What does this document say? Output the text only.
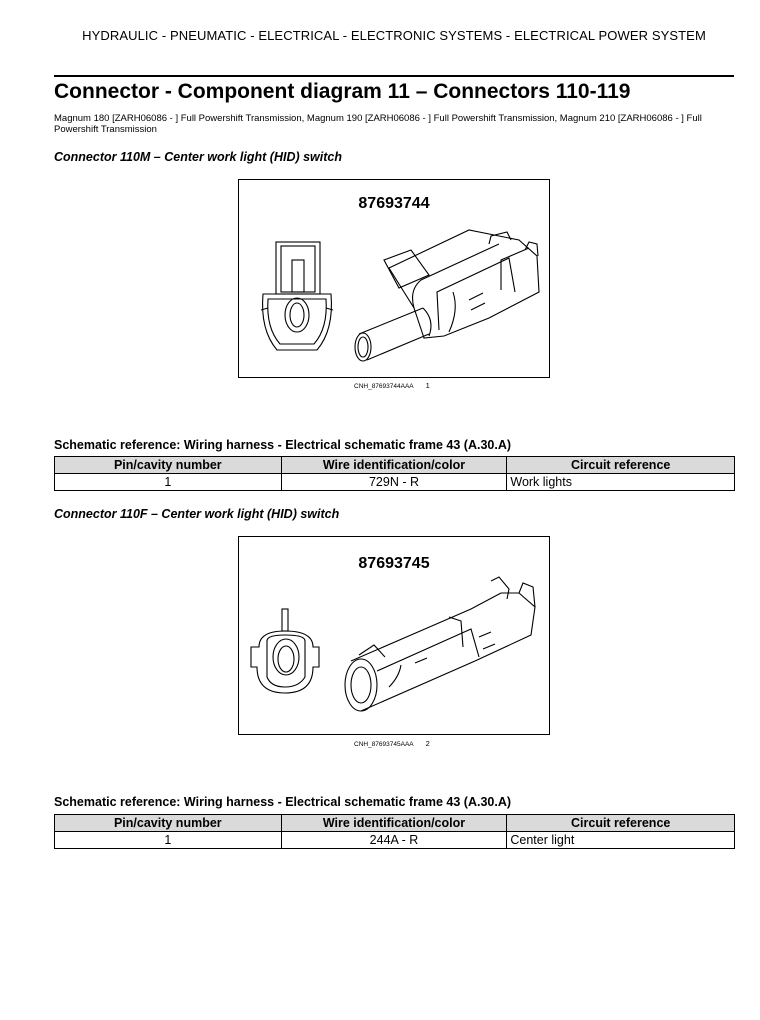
HYDRAULIC - PNEUMATIC - ELECTRICAL - ELECTRONIC SYSTEMS - ELECTRICAL POWER SYSTEM
Connector - Component diagram 11 – Connectors 110-119
Magnum 180 [ZARH06086 - ] Full Powershift Transmission, Magnum 190 [ZARH06086 - ] Full Powershift Transmission, Magnum 210 [ZARH06086 - ] Full Powershift Transmission
Connector 110M – Center work light (HID) switch
87693744
CNH_87693744AAA 1
Schematic reference: Wiring harness - Electrical schematic frame 43 (A.30.A)
Pin/cavity number	Wire identification/color	Circuit reference
1	729N - R	Work lights
Connector 110F – Center work light (HID) switch
87693745
CNH_87693745AAA 2
Schematic reference: Wiring harness - Electrical schematic frame 43 (A.30.A)
Pin/cavity number	Wire identification/color	Circuit reference
1	244A - R	Center light
